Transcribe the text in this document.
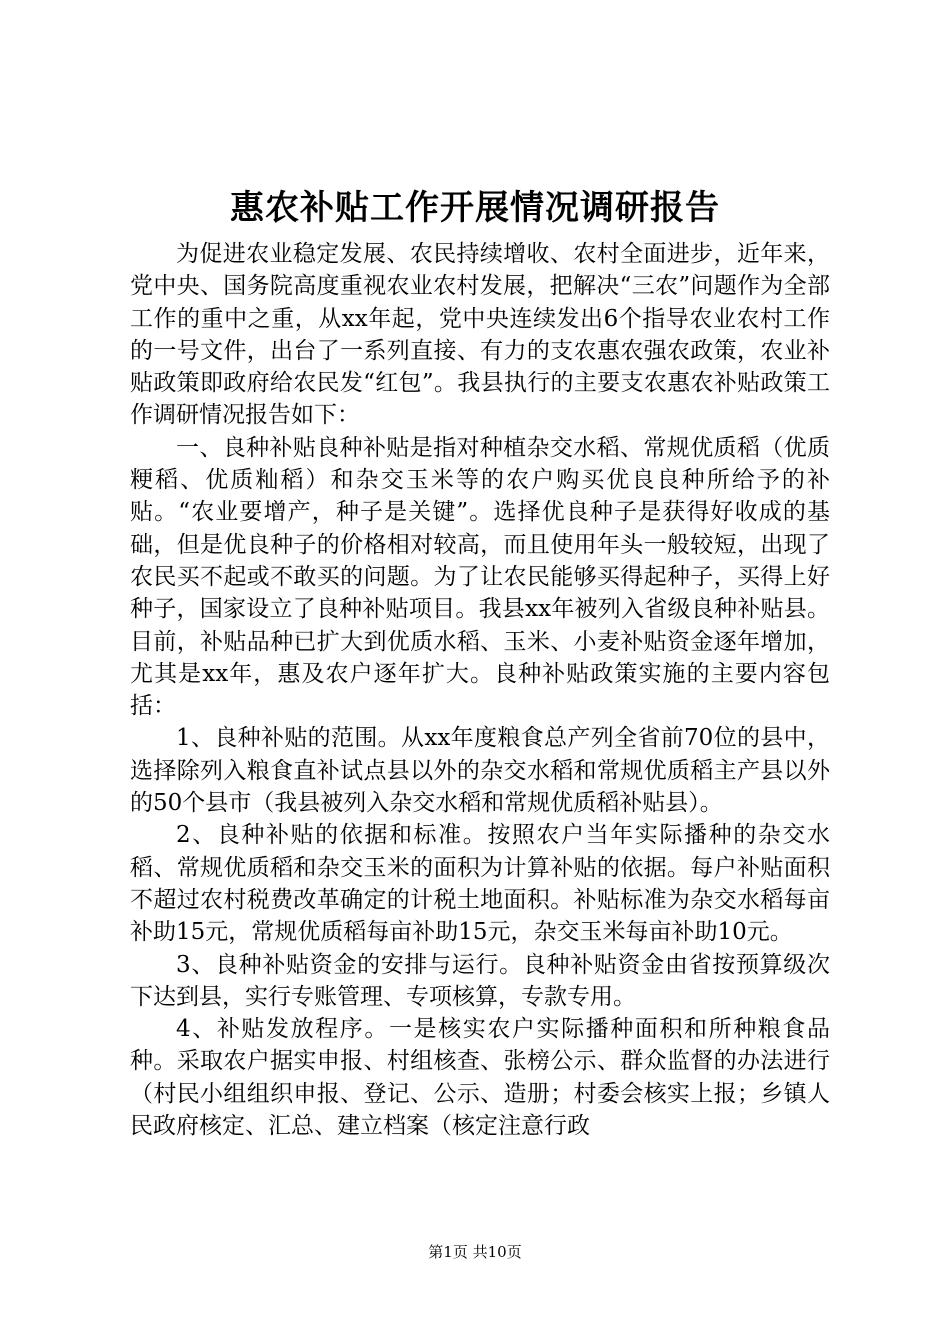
惠农补贴工作开展情况调研报告

为促进农业稳定发展、农民持续增收、农村全面进步，近年来，党中央、国务院高度重视农业农村发展，把解决“三农”问题作为全部工作的重中之重，从xx年起，党中央连续发出6个指导农业农村工作的一号文件，出台了一系列直接、有力的支农惠农强农政策，农业补贴政策即政府给农民发“红包”。我县执行的主要支农惠农补贴政策工作调研情况报告如下：

一、良种补贴良种补贴是指对种植杂交水稻、常规优质稻（优质粳稻、优质籼稻）和杂交玉米等的农户购买优良良种所给予的补贴。“农业要增产，种子是关键”。选择优良种子是获得好收成的基础，但是优良种子的价格相对较高，而且使用年头一般较短，出现了农民买不起或不敢买的问题。为了让农民能够买得起种子，买得上好种子，国家设立了良种补贴项目。我县xx年被列入省级良种补贴县。目前，补贴品种已扩大到优质水稻、玉米、小麦补贴资金逐年增加，尤其是xx年，惠及农户逐年扩大。良种补贴政策实施的主要内容包括：

1、良种补贴的范围。从xx年度粮食总产列全省前70位的县中，选择除列入粮食直补试点县以外的杂交水稻和常规优质稻主产县以外的50个县市（我县被列入杂交水稻和常规优质稻补贴县）。

2、良种补贴的依据和标准。按照农户当年实际播种的杂交水稻、常规优质稻和杂交玉米的面积为计算补贴的依据。每户补贴面积不超过农村税费改革确定的计税土地面积。补贴标准为杂交水稻每亩补助15元，常规优质稻每亩补助15元，杂交玉米每亩补助10元。

3、良种补贴资金的安排与运行。良种补贴资金由省按预算级次下达到县，实行专账管理、专项核算，专款专用。

4、补贴发放程序。一是核实农户实际播种面积和所种粮食品种。采取农户据实申报、村组核查、张榜公示、群众监督的办法进行（村民小组组织申报、登记、公示、造册；村委会核实上报；乡镇人民政府核定、汇总、建立档案（核定注意行政

第1页 共10页
